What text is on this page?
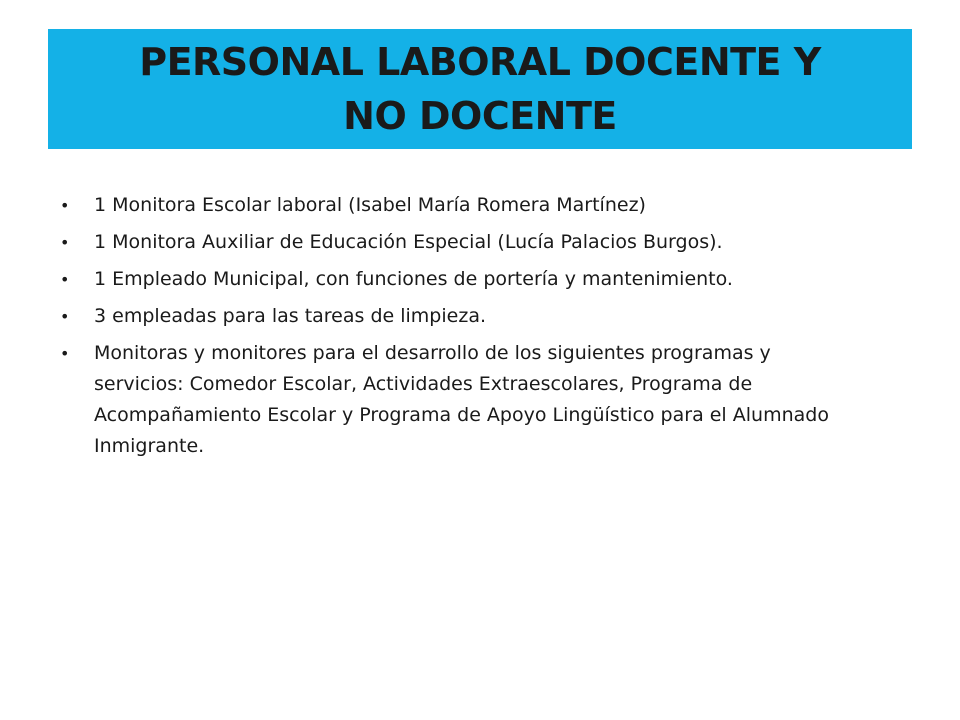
PERSONAL LABORAL DOCENTE Y
NO DOCENTE
•	1 Monitora Escolar laboral (Isabel María Romera Martínez)
•	1 Monitora Auxiliar de Educación Especial (Lucía Palacios Burgos).
•	1 Empleado Municipal, con funciones de portería y mantenimiento.
•	3 empleadas para las tareas de limpieza.
•	Monitoras y monitores para el desarrollo de los siguientes programas y servicios: Comedor Escolar, Actividades Extraescolares, Programa de Acompañamiento Escolar y Programa de Apoyo Lingüístico para el Alumnado Inmigrante.
